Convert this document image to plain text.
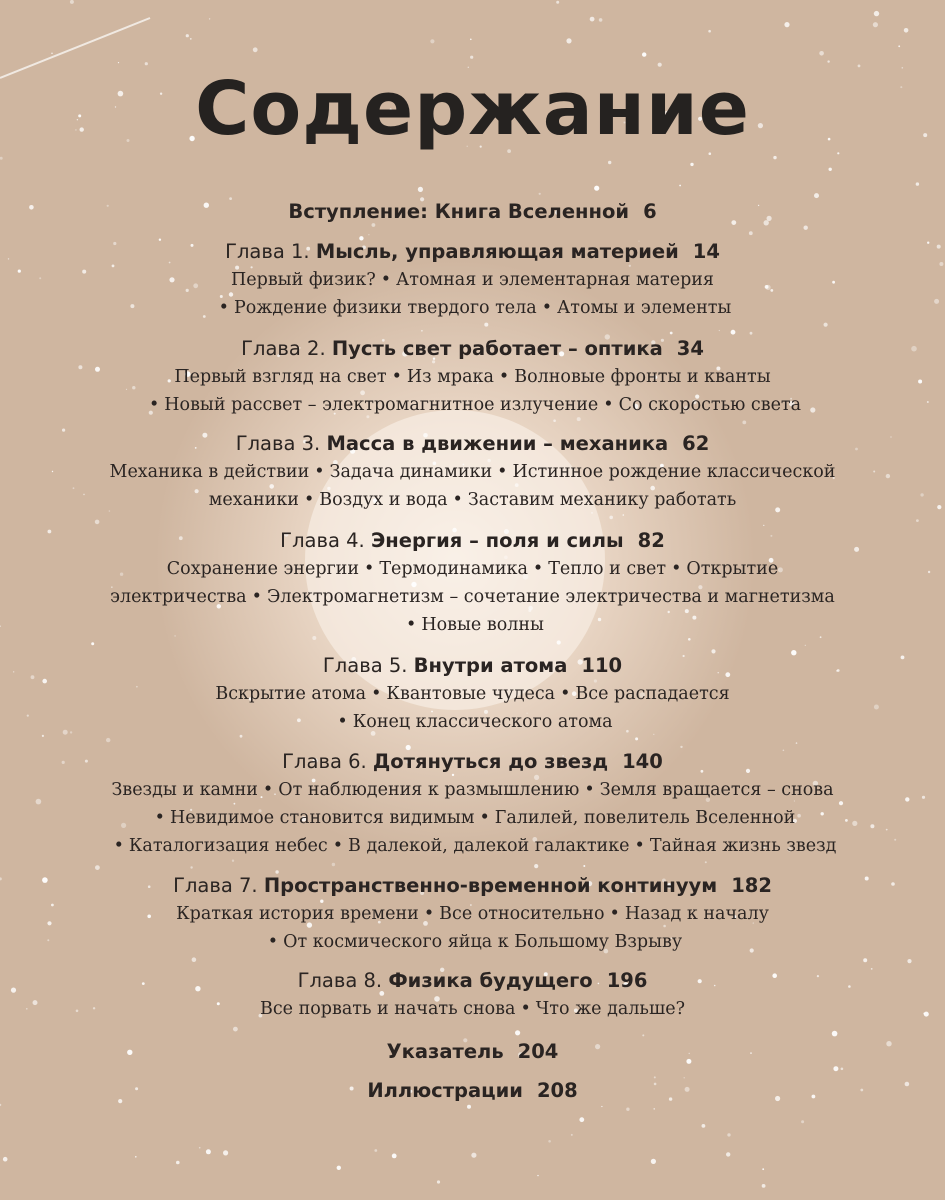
Содержание
Вступление: Книга Вселенной 6
Глава 1. Мысль, управляющая материей 14
Первый физик? • Атомная и элементарная материя
• Рождение физики твердого тела • Атомы и элементы
Глава 2. Пусть свет работает – оптика 34
Первый взгляд на свет • Из мрака • Волновые фронты и кванты
• Новый рассвет – электромагнитное излучение • Со скоростью света
Глава 3. Масса в движении – механика 62
Механика в действии • Задача динамики • Истинное рождение классической
механики • Воздух и вода • Заставим механику работать
Глава 4. Энергия – поля и силы 82
Сохранение энергии • Термодинамика • Тепло и свет • Открытие
электричества • Электромагнетизм – сочетание электричества и магнетизма
• Новые волны
Глава 5. Внутри атома 110
Вскрытие атома • Квантовые чудеса • Все распадается
• Конец классического атома
Глава 6. Дотянуться до звезд 140
Звезды и камни • От наблюдения к размышлению • Земля вращается – снова
• Невидимое становится видимым • Галилей, повелитель Вселенной
• Каталогизация небес • В далекой, далекой галактикe • Тайная жизнь звезд
Глава 7. Пространственно-временной континуум 182
Краткая история времени • Все относительно • Назад к началу
• От космического яйца к Большому Взрыву
Глава 8. Физика будущего 196
Все порвать и начать снова • Что же дальше?
Указатель 204
Иллюстрации 208
